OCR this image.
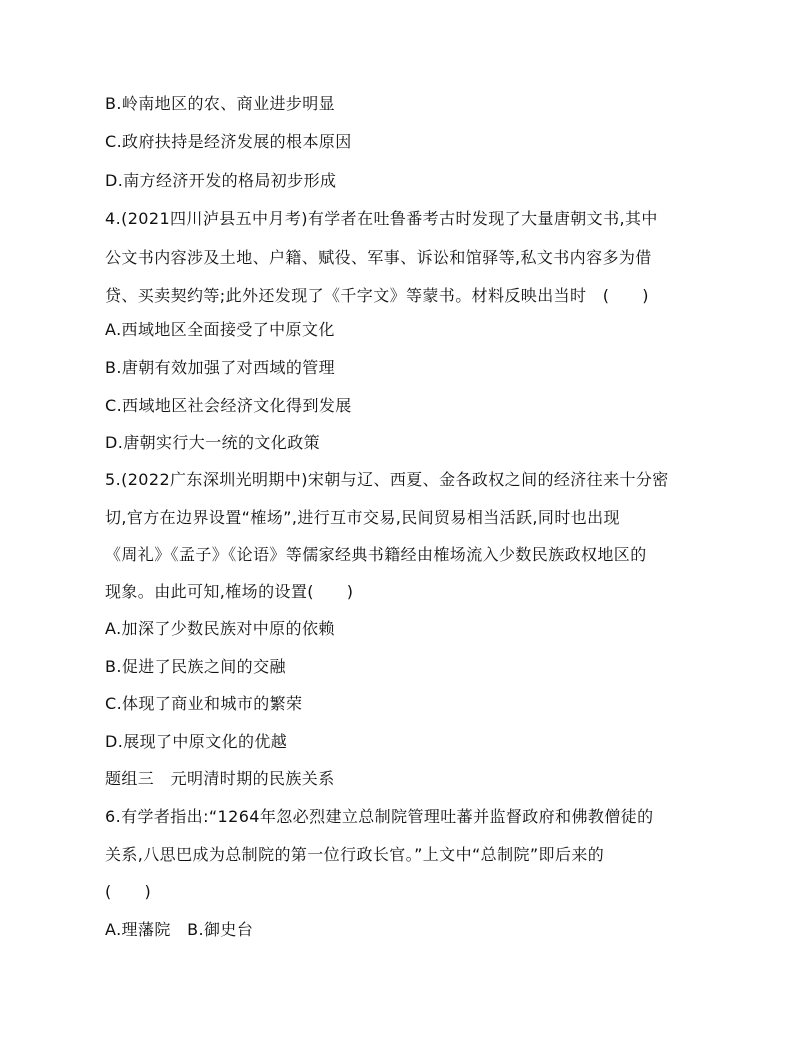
B.岭南地区的农、商业进步明显
C.政府扶持是经济发展的根本原因
D.南方经济开发的格局初步形成
4.(2021四川泸县五中月考)有学者在吐鲁番考古时发现了大量唐朝文书,其中
公文书内容涉及土地、户籍、赋役、军事、诉讼和馆驿等,私文书内容多为借
贷、买卖契约等;此外还发现了《千字文》等蒙书。材料反映出当时　(　　)
A.西域地区全面接受了中原文化
B.唐朝有效加强了对西域的管理
C.西域地区社会经济文化得到发展
D.唐朝实行大一统的文化政策
5.(2022广东深圳光明期中)宋朝与辽、西夏、金各政权之间的经济往来十分密
切,官方在边界设置“榷场”,进行互市交易,民间贸易相当活跃,同时也出现
《周礼》《孟子》《论语》等儒家经典书籍经由榷场流入少数民族政权地区的
现象。由此可知,榷场的设置(　　)
A.加深了少数民族对中原的依赖
B.促进了民族之间的交融
C.体现了商业和城市的繁荣
D.展现了中原文化的优越
题组三　元明清时期的民族关系
6.有学者指出:“1264年忽必烈建立总制院管理吐蕃并监督政府和佛教僧徒的
关系,八思巴成为总制院的第一位行政长官。”上文中“总制院”即后来的
(　　)
A.理藩院　B.御史台
